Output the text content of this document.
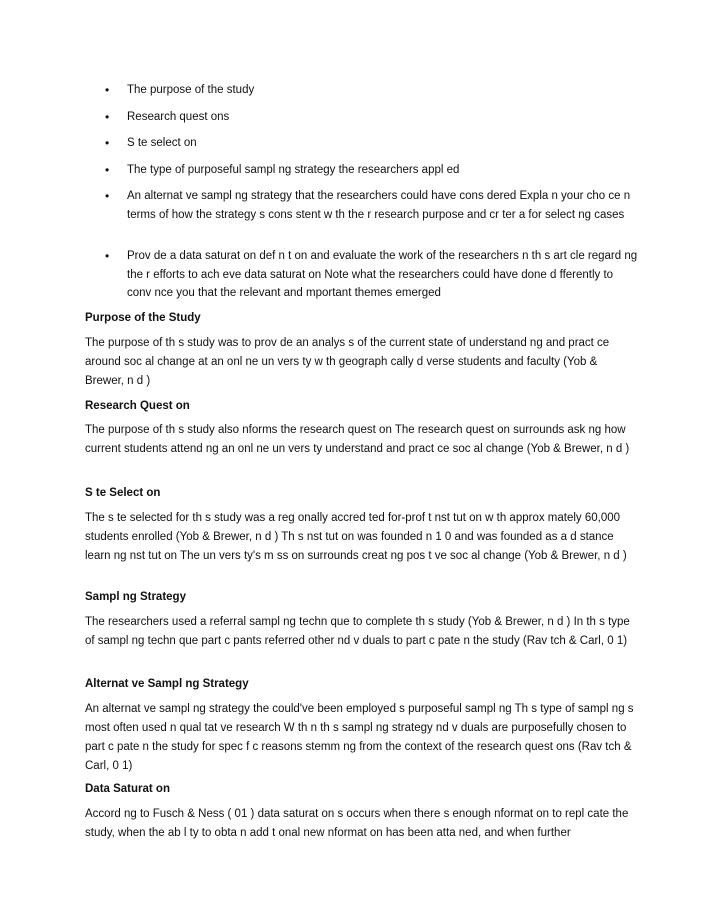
•	The purpose of the study
•	Research quest ons
•	S te select on
•	The type of purposeful sampl ng strategy the researchers appl ed
•	An alternat ve sampl ng strategy that the researchers could have cons dered Expla n your cho ce n terms of how the strategy s cons stent w th the r research purpose and cr ter a for select ng cases
•	Prov de a data saturat on def n t on and evaluate the work of the researchers n th s art cle regard ng the r efforts to ach eve data saturat on Note what the researchers could have done d fferently to conv nce you that the relevant and mportant themes emerged
Purpose of the Study
The purpose of th s study was to prov de an analys s of the current state of understand ng and pract ce around soc al change at an onl ne un vers ty w th geograph cally d verse students and faculty (Yob & Brewer, n d )
Research Quest on
The purpose of th s study also nforms the research quest on The research quest on surrounds ask ng how current students attend ng an onl ne un vers ty understand and pract ce soc al change (Yob & Brewer, n d )
S te Select on
The s te selected for th s study was a reg onally accred ted for-prof t nst tut on w th approx mately 60,000 students enrolled (Yob & Brewer, n d ) Th s nst tut on was founded n 1 0 and was founded as a d stance learn ng nst tut on The un vers ty's m ss on surrounds creat ng pos t ve soc al change (Yob & Brewer, n d )
Sampl ng Strategy
The researchers used a referral sampl ng techn que to complete th s study (Yob & Brewer, n d ) In th s type of sampl ng techn que part c pants referred other nd v duals to part c pate n the study (Rav tch & Carl, 0 1)
Alternat ve Sampl ng Strategy
An alternat ve sampl ng strategy the could've been employed s purposeful sampl ng Th s type of sampl ng s most often used n qual tat ve research W th n th s sampl ng strategy nd v duals are purposefully chosen to part c pate n the study for spec f c reasons stemm ng from the context of the research quest ons (Rav tch & Carl, 0 1)
Data Saturat on
Accord ng to Fusch & Ness ( 01 ) data saturat on s occurs when there s enough nformat on to repl cate the study, when the ab l ty to obta n add t onal new nformat on has been atta ned, and when further
